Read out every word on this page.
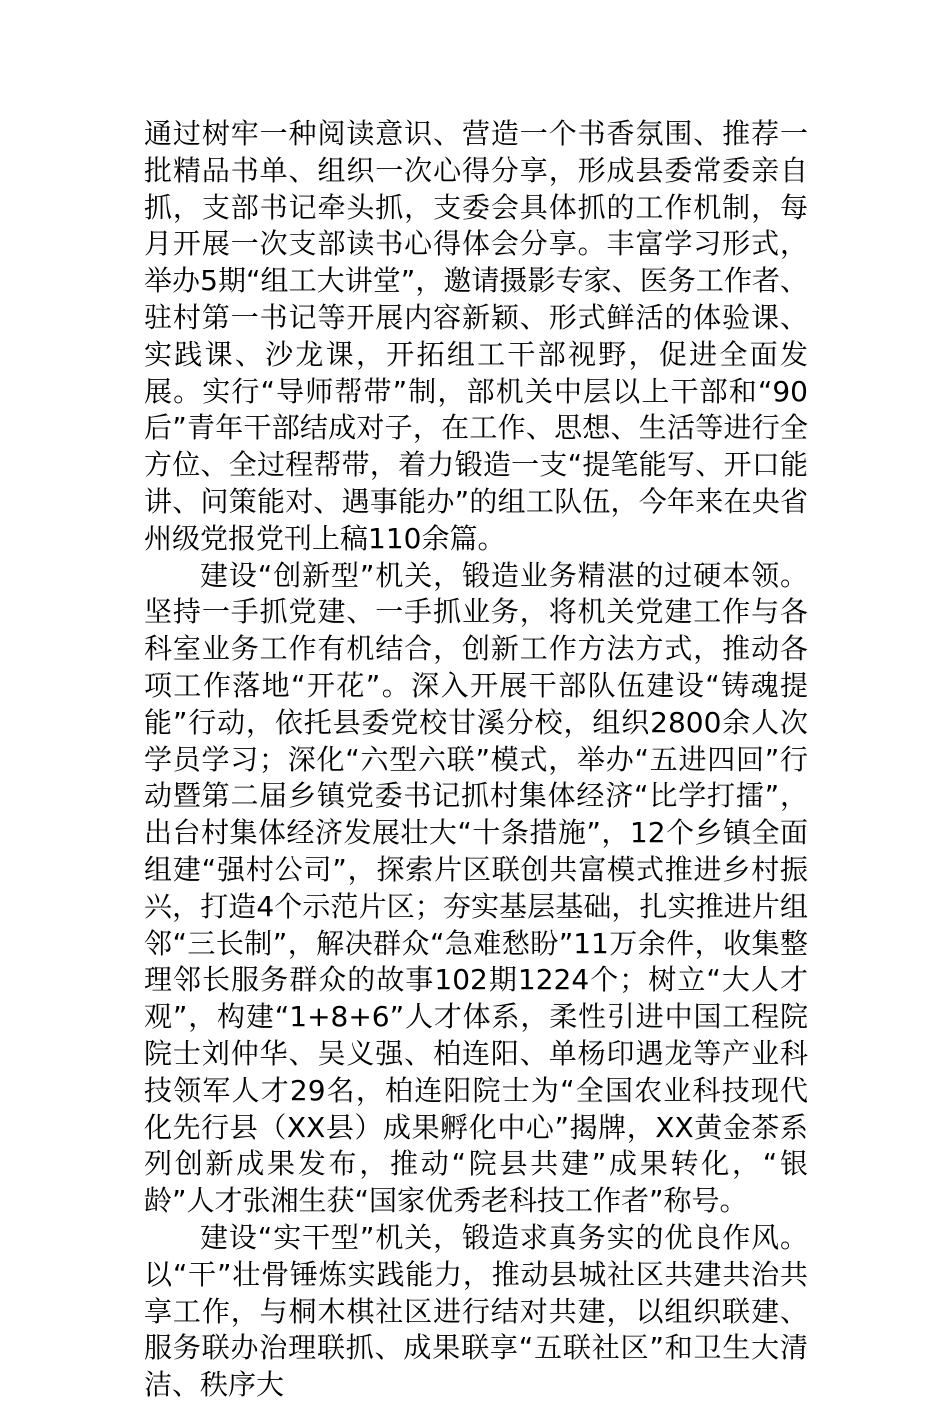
通过树牢一种阅读意识、营造一个书香氛围、推荐一批精品书单、组织一次心得分享，形成县委常委亲自抓，支部书记牵头抓，支委会具体抓的工作机制，每月开展一次支部读书心得体会分享。丰富学习形式，举办5期“组工大讲堂”，邀请摄影专家、医务工作者、驻村第一书记等开展内容新颖、形式鲜活的体验课、实践课、沙龙课，开拓组工干部视野，促进全面发展。实行“导师帮带”制，部机关中层以上干部和“90后”青年干部结成对子，在工作、思想、生活等进行全方位、全过程帮带，着力锻造一支“提笔能写、开口能讲、问策能对、遇事能办”的组工队伍，今年来在央省州级党报党刊上稿110余篇。

建设“创新型”机关，锻造业务精湛的过硬本领。坚持一手抓党建、一手抓业务，将机关党建工作与各科室业务工作有机结合，创新工作方法方式，推动各项工作落地“开花”。深入开展干部队伍建设“铸魂提能”行动，依托县委党校甘溪分校，组织2800余人次学员学习；深化“六型六联”模式，举办“五进四回”行动暨第二届乡镇党委书记抓村集体经济“比学打擂”，出台村集体经济发展壮大“十条措施”，12个乡镇全面组建“强村公司”，探索片区联创共富模式推进乡村振兴，打造4个示范片区；夯实基层基础，扎实推进片组邻“三长制”，解决群众“急难愁盼”11万余件，收集整理邻长服务群众的故事102期1224个；树立“大人才观”，构建“1+8+6”人才体系，柔性引进中国工程院院士刘仲华、吴义强、柏连阳、单杨印遇龙等产业科技领军人才29名，柏连阳院士为“全国农业科技现代化先行县（XX县）成果孵化中心”揭牌，XX黄金茶系列创新成果发布，推动“院县共建”成果转化，“银龄”人才张湘生获“国家优秀老科技工作者”称号。

建设“实干型”机关，锻造求真务实的优良作风。以“干”壮骨锤炼实践能力，推动县城社区共建共治共享工作，与桐木棋社区进行结对共建，以组织联建、服务联办治理联抓、成果联享“五联社区”和卫生大清洁、秩序大
